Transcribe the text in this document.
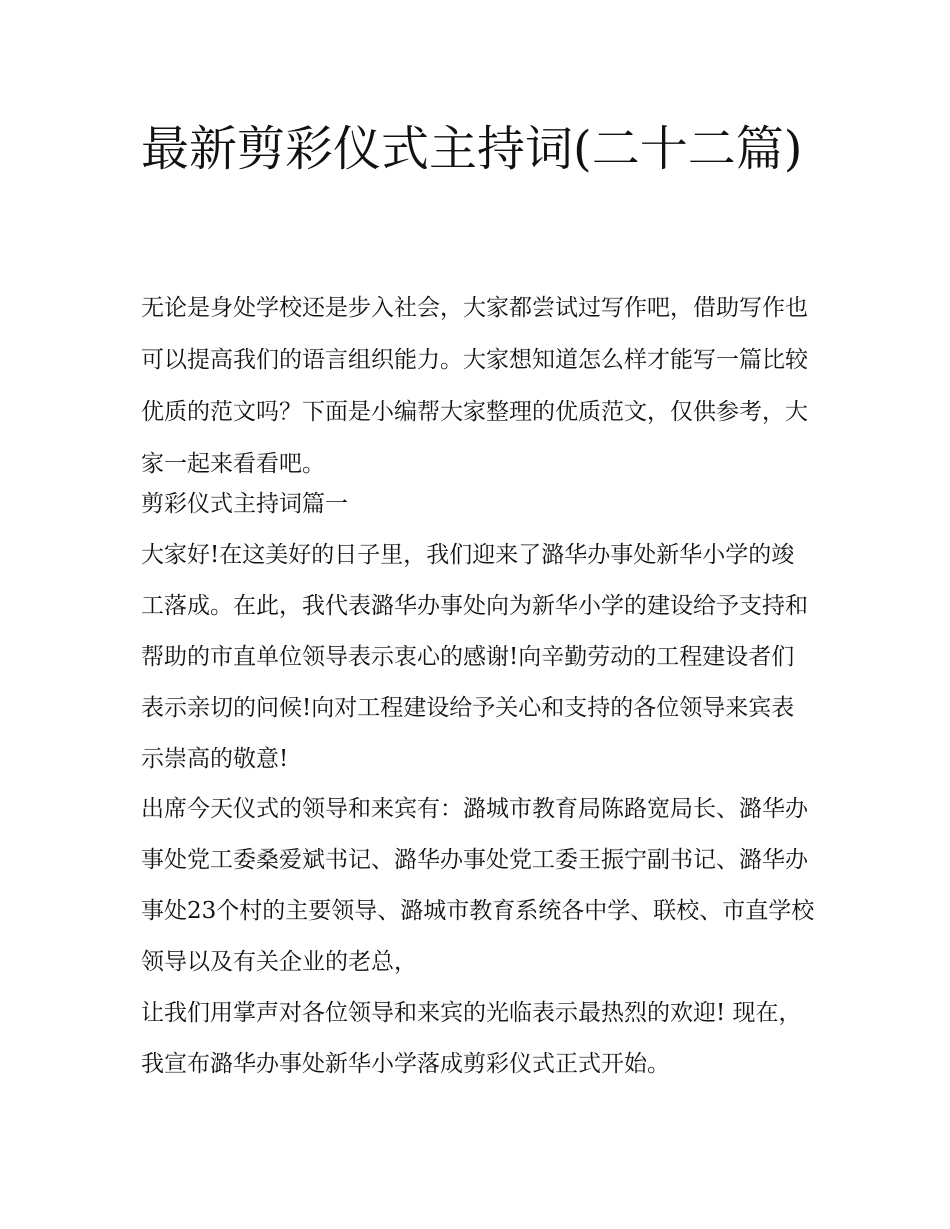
最新剪彩仪式主持词(二十二篇)

无论是身处学校还是步入社会，大家都尝试过写作吧，借助写作也可以提高我们的语言组织能力。大家想知道怎么样才能写一篇比较优质的范文吗？下面是小编帮大家整理的优质范文，仅供参考，大家一起来看看吧。

剪彩仪式主持词篇一

大家好!在这美好的日子里，我们迎来了潞华办事处新华小学的竣工落成。在此，我代表潞华办事处向为新华小学的建设给予支持和帮助的市直单位领导表示衷心的感谢!向辛勤劳动的工程建设者们表示亲切的问候!向对工程建设给予关心和支持的各位领导来宾表示崇高的敬意!

出席今天仪式的领导和来宾有：潞城市教育局陈路宽局长、潞华办事处党工委桑爱斌书记、潞华办事处党工委王振宁副书记、潞华办事处23个村的主要领导、潞城市教育系统各中学、联校、市直学校领导以及有关企业的老总，

让我们用掌声对各位领导和来宾的光临表示最热烈的欢迎! 现在，我宣布潞华办事处新华小学落成剪彩仪式正式开始。
